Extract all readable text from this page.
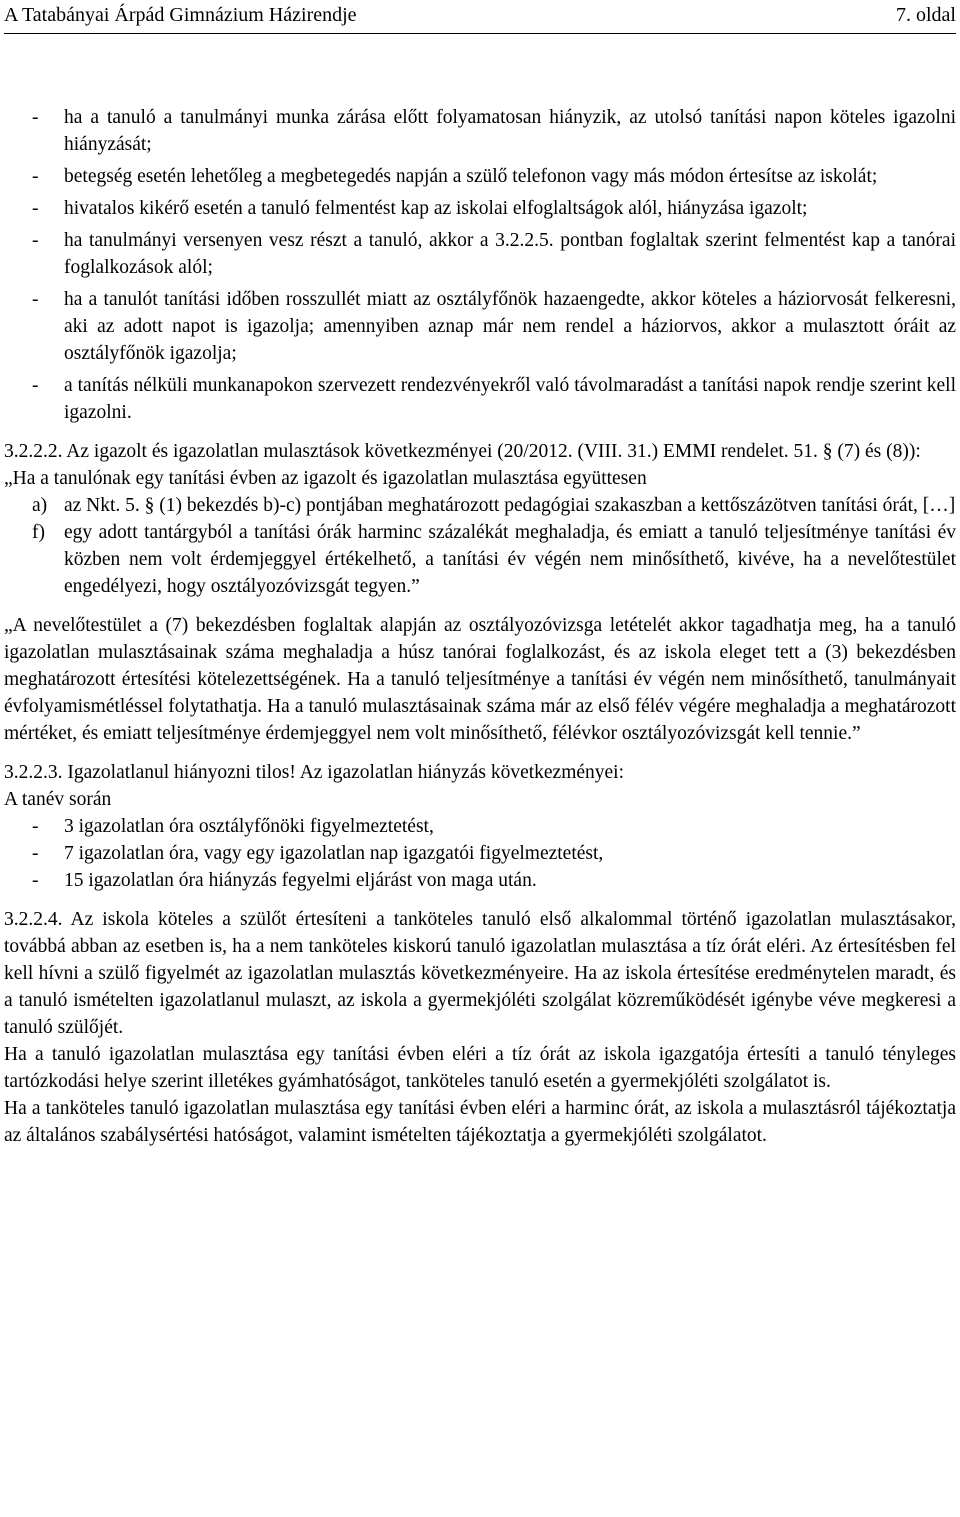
A Tatabányai Árpád Gimnázium Házirendje	7. oldal
-	ha a tanuló a tanulmányi munka zárása előtt folyamatosan hiányzik, az utolsó tanítási napon köteles igazolni hiányzását;
-	betegség esetén lehetőleg a megbetegedés napján a szülő telefonon vagy más módon értesítse az iskolát;
-	hivatalos kikérő esetén a tanuló felmentést kap az iskolai elfoglaltságok alól, hiányzása igazolt;
-	ha tanulmányi versenyen vesz részt a tanuló, akkor a 3.2.2.5. pontban foglaltak szerint felmentést kap a tanórai foglalkozások alól;
-	ha a tanulót tanítási időben rosszullét miatt az osztályfőnök hazaengedte, akkor köteles a háziorvosát felkeresni, aki az adott napot is igazolja; amennyiben aznap már nem rendel a háziorvos, akkor a mulasztott óráit az osztályfőnök igazolja;
-	a tanítás nélküli munkanapokon szervezett rendezvényekről való távolmaradást a tanítási napok rendje szerint kell igazolni.
3.2.2.2. Az igazolt és igazolatlan mulasztások következményei (20/2012. (VIII. 31.) EMMI rendelet. 51. § (7) és (8)):
„Ha a tanulónak egy tanítási évben az igazolt és igazolatlan mulasztása együttesen
a) az Nkt. 5. § (1) bekezdés b)-c) pontjában meghatározott pedagógiai szakaszban a kettőszázötven tanítási órát, […]
f) egy adott tantárgyból a tanítási órák harminc százalékát meghaladja, és emiatt a tanuló teljesítménye tanítási év közben nem volt érdemjeggyel értékelhető, a tanítási év végén nem minősíthető, kivéve, ha a nevelőtestület engedélyezi, hogy osztályozóvizsgát tegyen.”
„A nevelőtestület a (7) bekezdésben foglaltak alapján az osztályozóvizsga letételét akkor tagadhatja meg, ha a tanuló igazolatlan mulasztásainak száma meghaladja a húsz tanórai foglalkozást, és az iskola eleget tett a (3) bekezdésben meghatározott értesítési kötelezettségének. Ha a tanuló teljesítménye a tanítási év végén nem minősíthető, tanulmányait évfolyamismétléssel folytathatja. Ha a tanuló mulasztásainak száma már az első félév végére meghaladja a meghatározott mértéket, és emiatt teljesítménye érdemjeggyel nem volt minősíthető, félévkor osztályozóvizsgát kell tennie.”
3.2.2.3. Igazolatlanul hiányozni tilos! Az igazolatlan hiányzás következményei:
A tanév során
-	3 igazolatlan óra osztályfőnöki figyelmeztetést,
-	7 igazolatlan óra, vagy egy igazolatlan nap igazgatói figyelmeztetést,
-	15 igazolatlan óra hiányzás fegyelmi eljárást von maga után.
3.2.2.4. Az iskola köteles a szülőt értesíteni a tanköteles tanuló első alkalommal történő igazolatlan mulasztásakor, továbbá abban az esetben is, ha a nem tanköteles kiskorú tanuló igazolatlan mulasztása a tíz órát eléri. Az értesítésben fel kell hívni a szülő figyelmét az igazolatlan mulasztás következményeire. Ha az iskola értesítése eredménytelen maradt, és a tanuló ismételten igazolatlanul mulaszt, az iskola a gyermekjóléti szolgálat közreműködését igénybe véve megkeresi a tanuló szülőjét.
Ha a tanuló igazolatlan mulasztása egy tanítási évben eléri a tíz órát az iskola igazgatója értesíti a tanuló tényleges tartózkodási helye szerint illetékes gyámhatóságot, tanköteles tanuló esetén a gyermekjóléti szolgálatot is.
Ha a tanköteles tanuló igazolatlan mulasztása egy tanítási évben eléri a harminc órát, az iskola a mulasztásról tájékoztatja az általános szabálysértési hatóságot, valamint ismételten tájékoztatja a gyermekjóléti szolgálatot.
